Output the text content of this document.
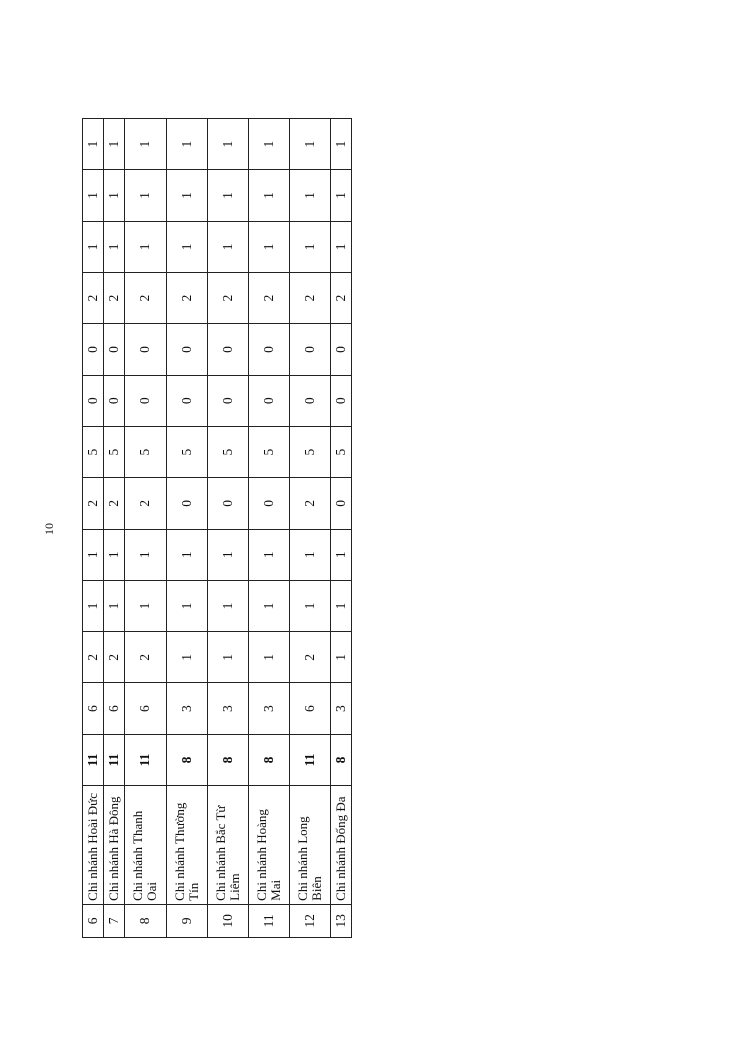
10
6	Chi nhánh Hoài Đức	11	6	2	1	1	2	5	0	0	2	1	1	1
7	Chi nhánh Hà Đông	11	6	2	1	1	2	5	0	0	2	1	1	1
8	Chi nhánh Thanh Oai	11	6	2	1	1	2	5	0	0	2	1	1	1
9	Chi nhánh Thường Tín	8	3	1	1	1	0	5	0	0	2	1	1	1
10	Chi nhánh Bắc Từ Liêm	8	3	1	1	1	0	5	0	0	2	1	1	1
11	Chi nhánh Hoàng Mai	8	3	1	1	1	0	5	0	0	2	1	1	1
12	Chi nhánh Long Biên	11	6	2	1	1	2	5	0	0	2	1	1	1
13	Chi nhánh Đống Đa	8	3	1	1	1	0	5	0	0	2	1	1	1
